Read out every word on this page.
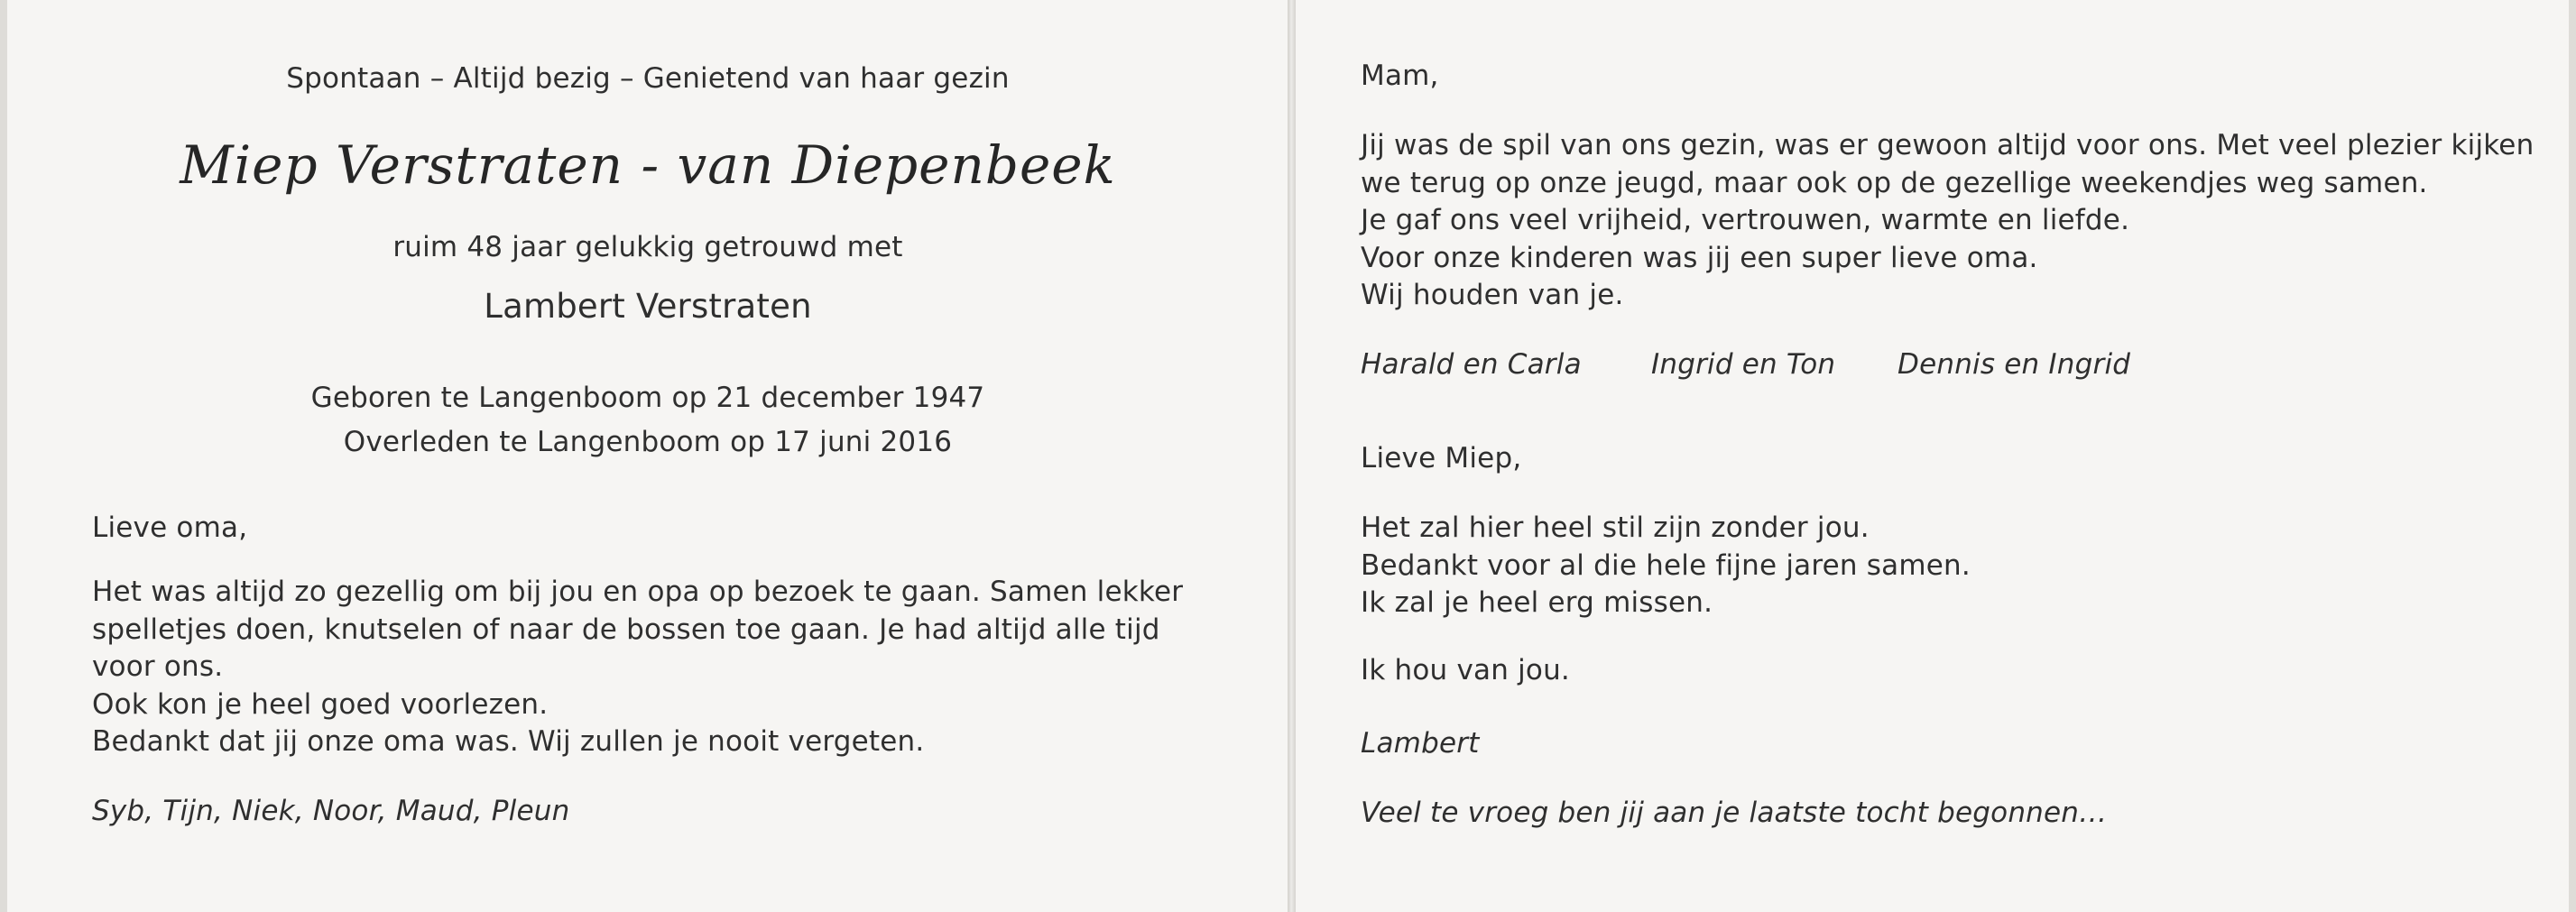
Spontaan – Altijd bezig – Genietend van haar gezin
Miep Verstraten - van Diepenbeek
ruim 48 jaar gelukkig getrouwd met
Lambert Verstraten
Geboren te Langenboom op 21 december 1947
Overleden te Langenboom op 17 juni 2016
Lieve oma,
Het was altijd zo gezellig om bij jou en opa op bezoek te gaan. Samen lekker
spelletjes doen, knutselen of naar de bossen toe gaan. Je had altijd alle tijd
voor ons.
Ook kon je heel goed voorlezen.
Bedankt dat jij onze oma was. Wij zullen je nooit vergeten.
Syb, Tijn, Niek, Noor, Maud, Pleun
Mam,
Jij was de spil van ons gezin, was er gewoon altijd voor ons. Met veel plezier kijken
we terug op onze jeugd, maar ook op de gezellige weekendjes weg samen.
Je gaf ons veel vrijheid, vertrouwen, warmte en liefde.
Voor onze kinderen was jij een super lieve oma.
Wij houden van je.
Harald en Carla Ingrid en Ton Dennis en Ingrid
Lieve Miep,
Het zal hier heel stil zijn zonder jou.
Bedankt voor al die hele fijne jaren samen.
Ik zal je heel erg missen.
Ik hou van jou.
Lambert
Veel te vroeg ben jij aan je laatste tocht begonnen…
